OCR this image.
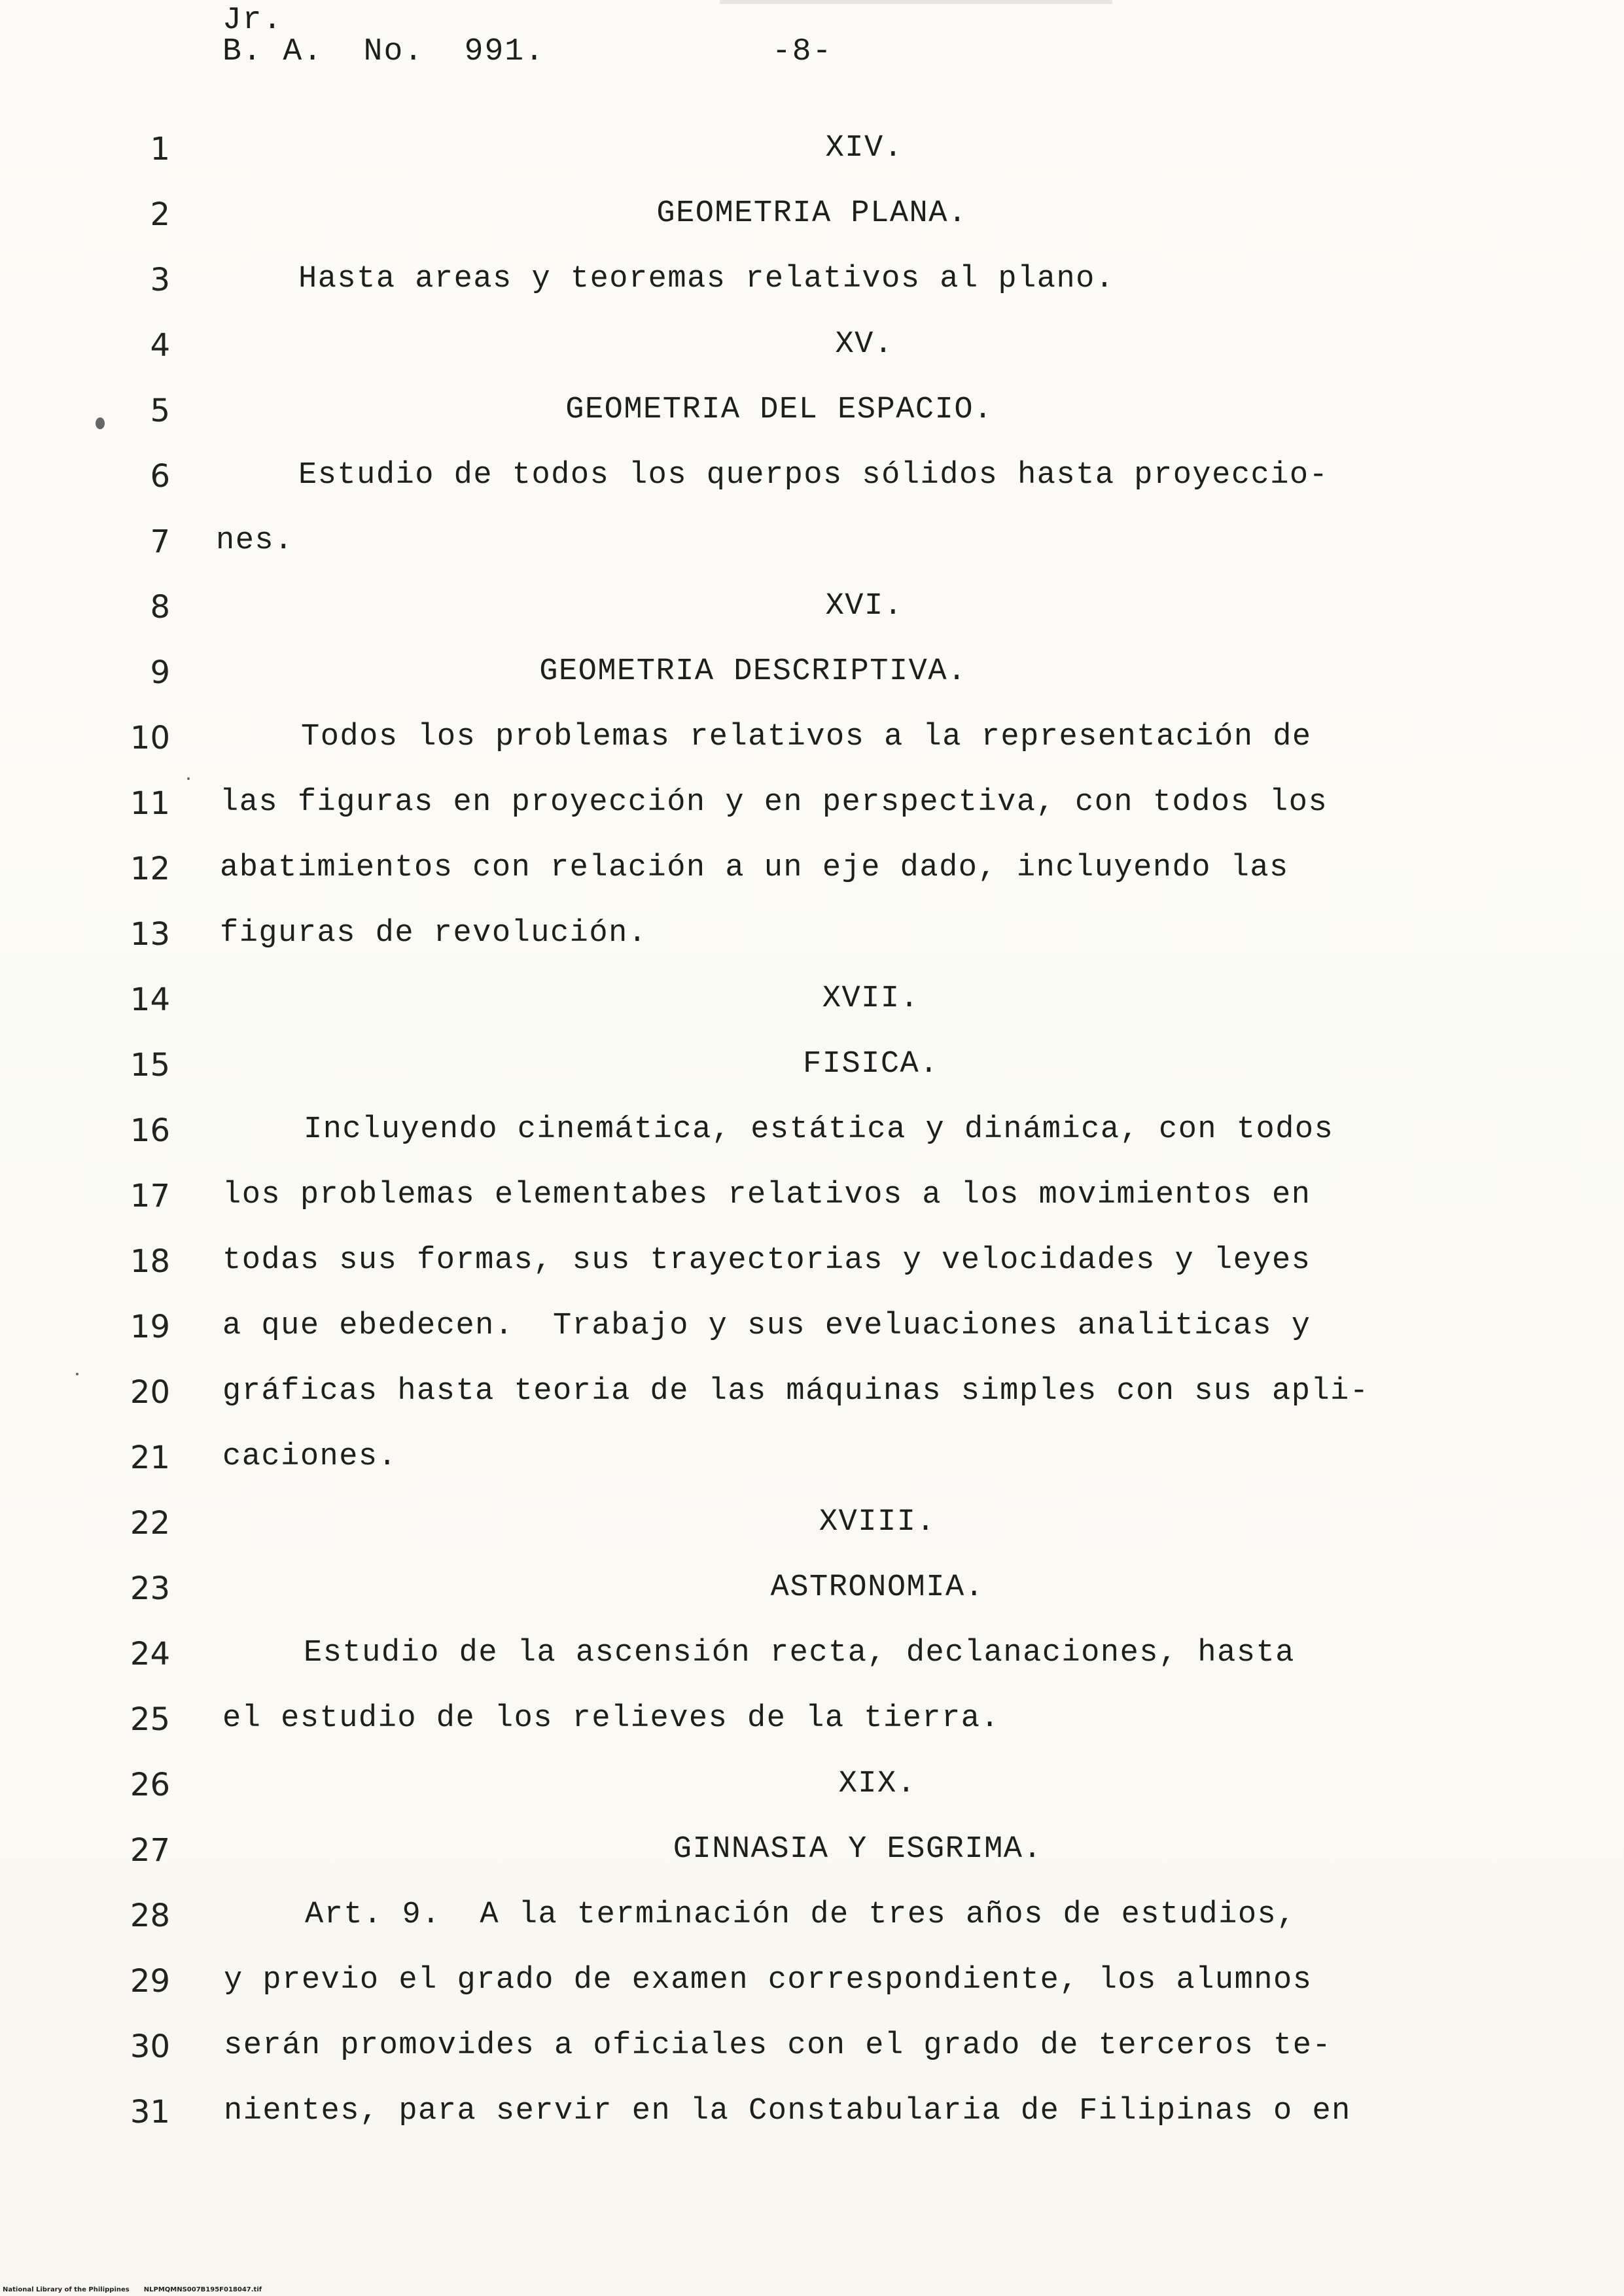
Jr.
B. A.  No.  991.	-8-
1	XIV.
2	GEOMETRIA PLANA.
3	Hasta areas y teoremas relativos al plano.
4	XV.
5	GEOMETRIA DEL ESPACIO.
6	Estudio de todos los querpos sólidos hasta proyeccio-
7 nes.
8	XVI.
9	GEOMETRIA DESCRIPTIVA.
10	Todos los problemas relativos a la representación de
11 las figuras en proyección y en perspectiva, con todos los
12 abatimientos con relación a un eje dado, incluyendo las
13 figuras de revolución.
14	XVII.
15	FISICA.
16	Incluyendo cinemática, estática y dinámica, con todos
17 los problemas elementabes relativos a los movimientos en
18 todas sus formas, sus trayectorias y velocidades y leyes
19 a que ebedecen.  Trabajo y sus eveluaciones analiticas y
20 gráficas hasta teoria de las máquinas simples con sus apli-
21 caciones.
22	XVIII.
23	ASTRONOMIA.
24	Estudio de la ascensión recta, declanaciones, hasta
25 el estudio de los relieves de la tierra.
26	XIX.
27	GINNASIA Y ESGRIMA.
28	Art. 9.  A la terminación de tres años de estudios,
29 y previo el grado de examen correspondiente, los alumnos
30 serán promovides a oficiales con el grado de terceros te-
31 nientes, para servir en la Constabularia de Filipinas o en
National Library of the Philippines NLPMQMNS007B195F018047.tif
